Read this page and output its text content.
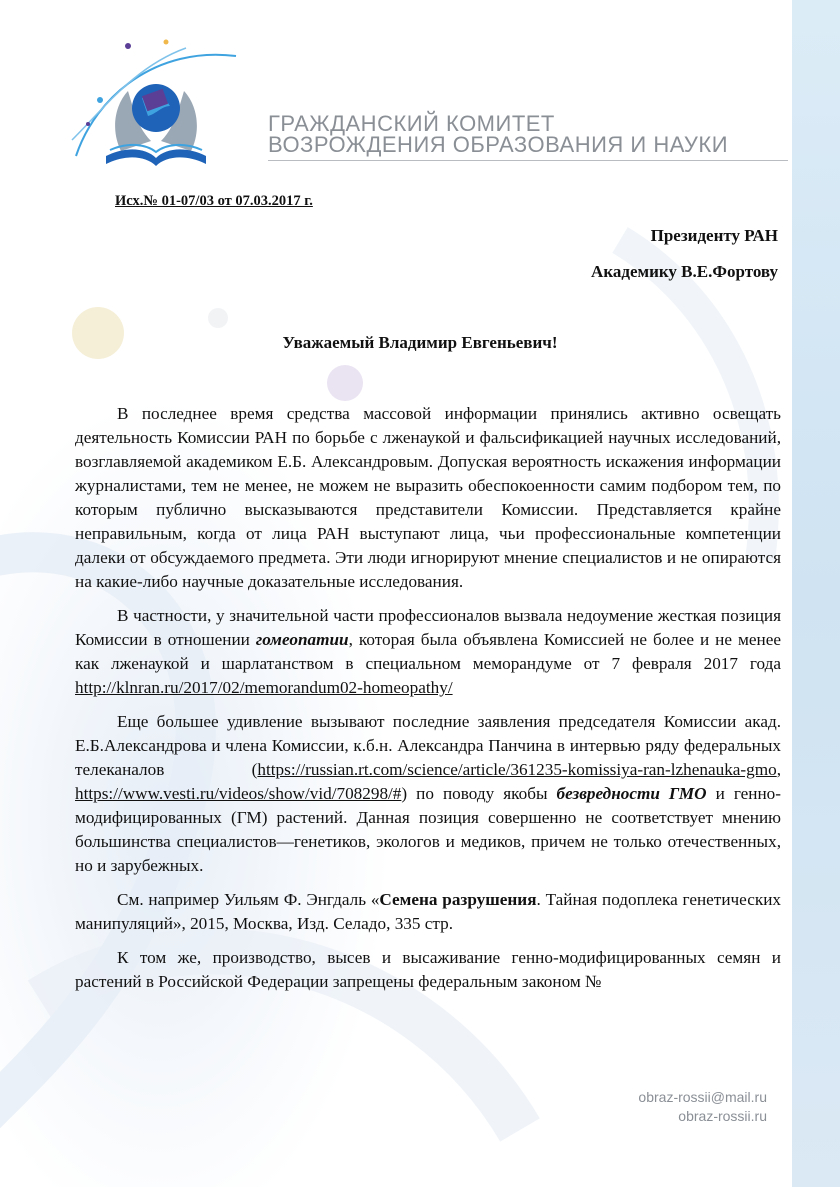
ГРАЖДАНСКИЙ КОМИТЕТ
ВОЗРОЖДЕНИЯ ОБРАЗОВАНИЯ И НАУКИ
Исх.№ 01-07/03 от 07.03.2017 г.
Президенту РАН
Академику В.Е.Фортову
Уважаемый Владимир Евгеньевич!

В последнее время средства массовой информации принялись активно освещать деятельность Комиссии РАН по борьбе с лженаукой и фальсификацией научных исследований, возглавляемой академиком Е.Б. Александровым. Допуская вероятность искажения информации журналистами, тем не менее, не можем не выразить обеспокоенности самим подбором тем, по которым публично высказываются представители Комиссии. Представляется крайне неправильным, когда от лица РАН выступают лица, чьи профессиональные компетенции далеки от обсуждаемого предмета. Эти люди игнорируют мнение специалистов и не опираются на какие-либо научные доказательные исследования.

В частности, у значительной части профессионалов вызвала недоумение жесткая позиция Комиссии в отношении гомеопатии, которая была объявлена Комиссией не более и не менее как лженаукой и шарлатанством в специальном меморандуме от 7 февраля 2017 года http://klnran.ru/2017/02/memorandum02-homeopathy/

Еще большее удивление вызывают последние заявления председателя Комиссии акад. Е.Б.Александрова и члена Комиссии, к.б.н. Александра Панчина в интервью ряду федеральных телеканалов (https://russian.rt.com/science/article/361235-komissiya-ran-lzhenauka-gmo, https://www.vesti.ru/videos/show/vid/708298/#) по поводу якобы безвредности ГМО и генно-модифицированных (ГМ) растений. Данная позиция совершенно не соответствует мнению большинства специалистов—генетиков, экологов и медиков, причем не только отечественных, но и зарубежных.

См. например Уильям Ф. Энгдаль «Семена разрушения. Тайная подоплека генетических манипуляций», 2015, Москва, Изд. Селадо, 335 стр.

К том же, производство, высев и высаживание генно-модифицированных семян и растений в Российской Федерации запрещены федеральным законом №

obraz-rossii@mail.ru
obraz-rossii.ru
